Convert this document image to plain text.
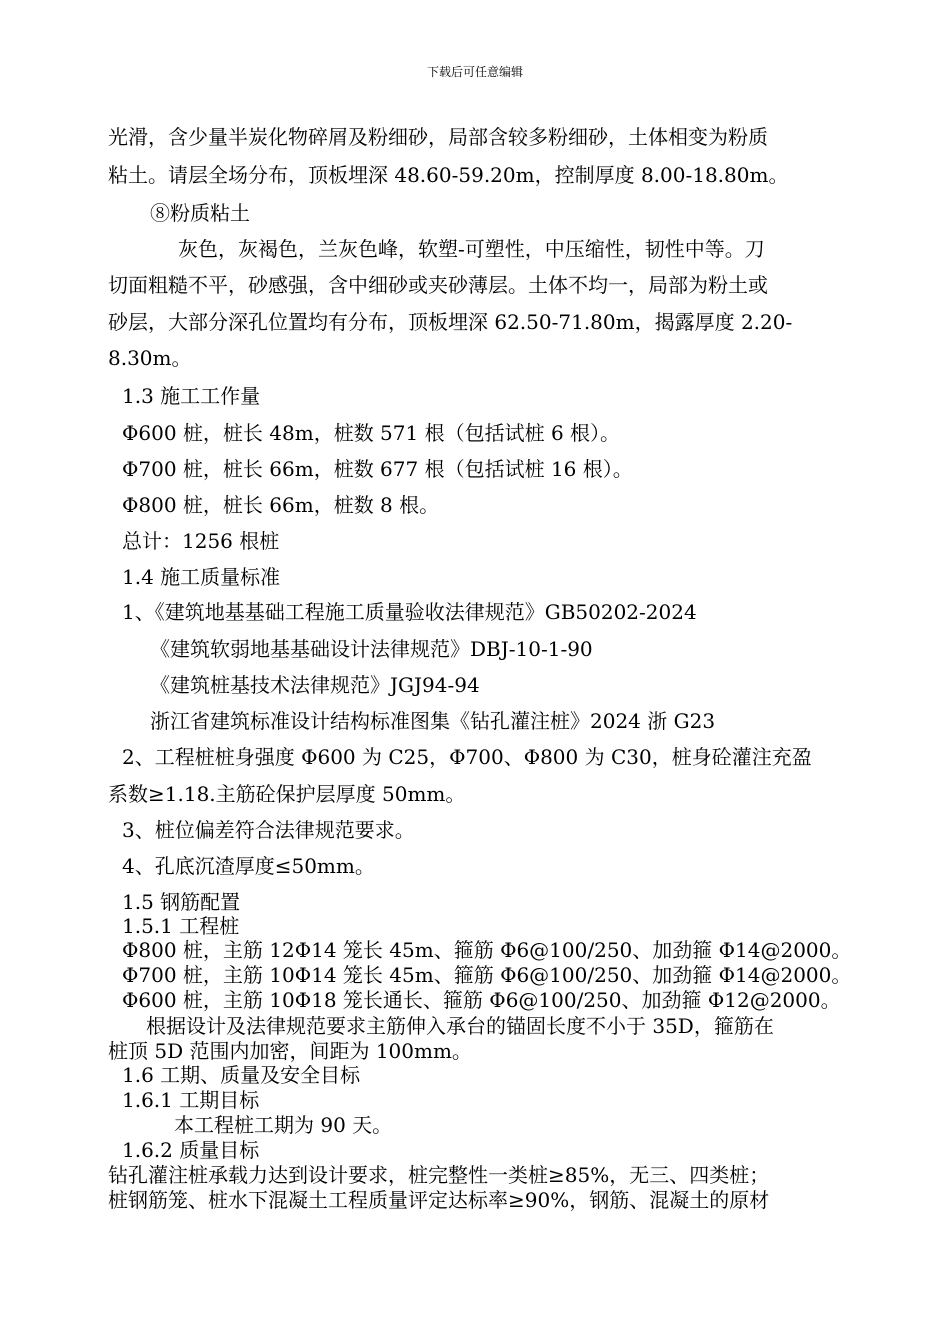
下载后可任意编辑
光滑，含少量半炭化物碎屑及粉细砂，局部含较多粉细砂，土体相变为粉质
粘土。请层全场分布，顶板埋深 48.60-59.20m，控制厚度 8.00-18.80m。
⑧粉质粘土
灰色，灰褐色，兰灰色峰，软塑-可塑性，中压缩性，韧性中等。刀
切面粗糙不平，砂感强，含中细砂或夹砂薄层。土体不均一，局部为粉土或
砂层，大部分深孔位置均有分布，顶板埋深 62.50-71.80m，揭露厚度 2.20-
8.30m。
1.3 施工工作量
Φ600 桩，桩长 48m，桩数 571 根（包括试桩 6 根）。
Φ700 桩，桩长 66m，桩数 677 根（包括试桩 16 根）。
Φ800 桩，桩长 66m，桩数 8 根。
总计：1256 根桩
1.4 施工质量标准
1、《建筑地基基础工程施工质量验收法律规范》GB50202-2024
《建筑软弱地基基础设计法律规范》DBJ-10-1-90
《建筑桩基技术法律规范》JGJ94-94
浙江省建筑标准设计结构标准图集《钻孔灌注桩》2024 浙 G23
2、工程桩桩身强度 Φ600 为 C25，Φ700、Φ800 为 C30，桩身砼灌注充盈
系数≥1.18.主筋砼保护层厚度 50mm。
3、桩位偏差符合法律规范要求。
4、孔底沉渣厚度≤50mm。
1.5 钢筋配置
1.5.1 工程桩
Φ800 桩，主筋 12Φ14 笼长 45m、箍筋 Φ6@100/250、加劲箍 Φ14@2000。
Φ700 桩，主筋 10Φ14 笼长 45m、箍筋 Φ6@100/250、加劲箍 Φ14@2000。
Φ600 桩，主筋 10Φ18 笼长通长、箍筋 Φ6@100/250、加劲箍 Φ12@2000。
根据设计及法律规范要求主筋伸入承台的锚固长度不小于 35D，箍筋在
桩顶 5D 范围内加密，间距为 100mm。
1.6 工期、质量及安全目标
1.6.1 工期目标
本工程桩工期为 90 天。
1.6.2 质量目标
钻孔灌注桩承载力达到设计要求，桩完整性一类桩≥85%，无三、四类桩；
桩钢筋笼、桩水下混凝土工程质量评定达标率≥90%，钢筋、混凝土的原材
